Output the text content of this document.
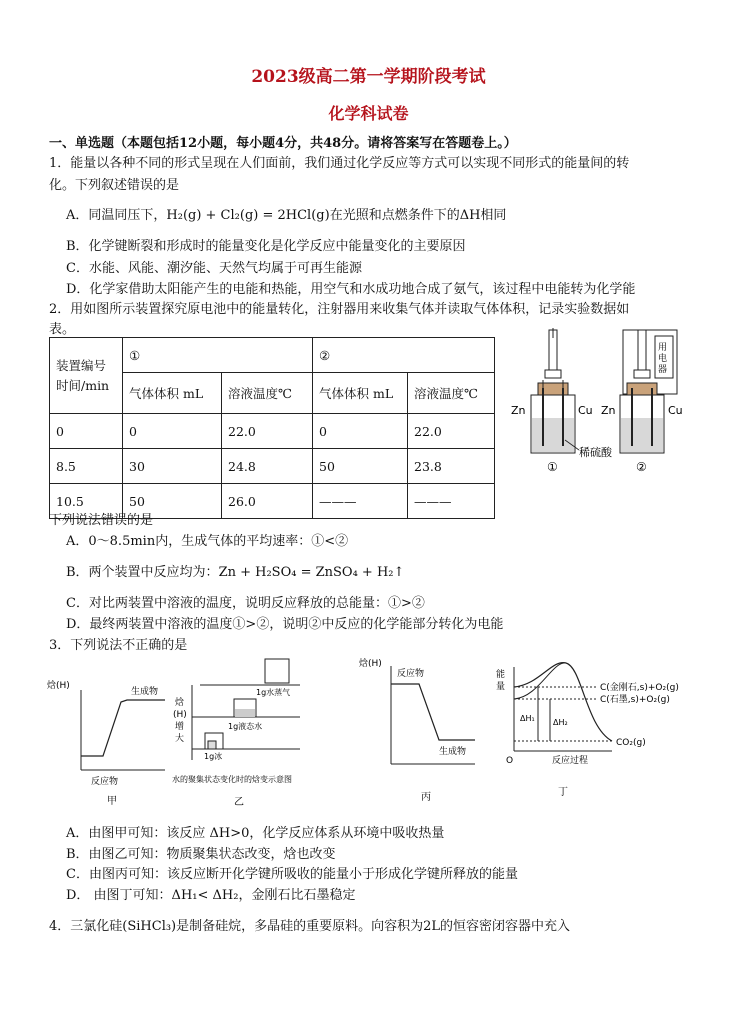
2023级高二第一学期阶段考试
化学科试卷
一、单选题（本题包括12小题，每小题4分，共48分。请将答案写在答题卷上。）
1．能量以各种不同的形式呈现在人们面前，我们通过化学反应等方式可以实现不同形式的能量间的转
化。下列叙述错误的是
A．同温同压下，H₂(g) + Cl₂(g) = 2HCl(g)在光照和点燃条件下的ΔH相同
B．化学键断裂和形成时的能量变化是化学反应中能量变化的主要原因
C．水能、风能、潮汐能、天然气均属于可再生能源
D．化学家借助太阳能产生的电能和热能，用空气和水成功地合成了氨气，该过程中电能转为化学能
2．用如图所示装置探究原电池中的能量转化，注射器用来收集气体并读取气体体积，记录实验数据如
表。
装置编号
时间/min	①		②	
	气体体积 mL	溶液温度℃	气体体积 mL	溶液温度℃
0	0	22.0	0	22.0
8.5	30	24.8	50	23.8
10.5	50	26.0	———	———
Zn	Cu
稀硫酸
①
用
电
器
Zn	Cu
②
下列说法错误的是
A．0～8.5min内，生成气体的平均速率：①<②
B．两个装置中反应均为：Zn + H₂SO₄ = ZnSO₄ + H₂↑
C．对比两装置中溶液的温度，说明反应释放的总能量：①>②
D．最终两装置中溶液的温度①>②，说明②中反应的化学能部分转化为电能
3．下列说法不正确的是
焓(H)
生成物
反应物
甲
焓
(H)
增
大
1g水蒸气
1g液态水
1g冰
水的聚集状态变化时的焓变示意图
乙
焓(H)
反应物
生成物
丙
能
量	C(金刚石,s)+O₂(g)
C(石墨,s)+O₂(g)
ΔH₁ ΔH₂
CO₂(g)
O	反应过程
丁
A．由图甲可知：该反应 ΔH>0，化学反应体系从环境中吸收热量
B．由图乙可知：物质聚集状态改变，焓也改变
C．由图丙可知：该反应断开化学键所吸收的能量小于形成化学键所释放的能量
D． 由图丁可知：ΔH₁< ΔH₂，金刚石比石墨稳定
4．三氯化硅(SiHCl₃)是制备硅烷，多晶硅的重要原料。向容积为2L的恒容密闭容器中充入
